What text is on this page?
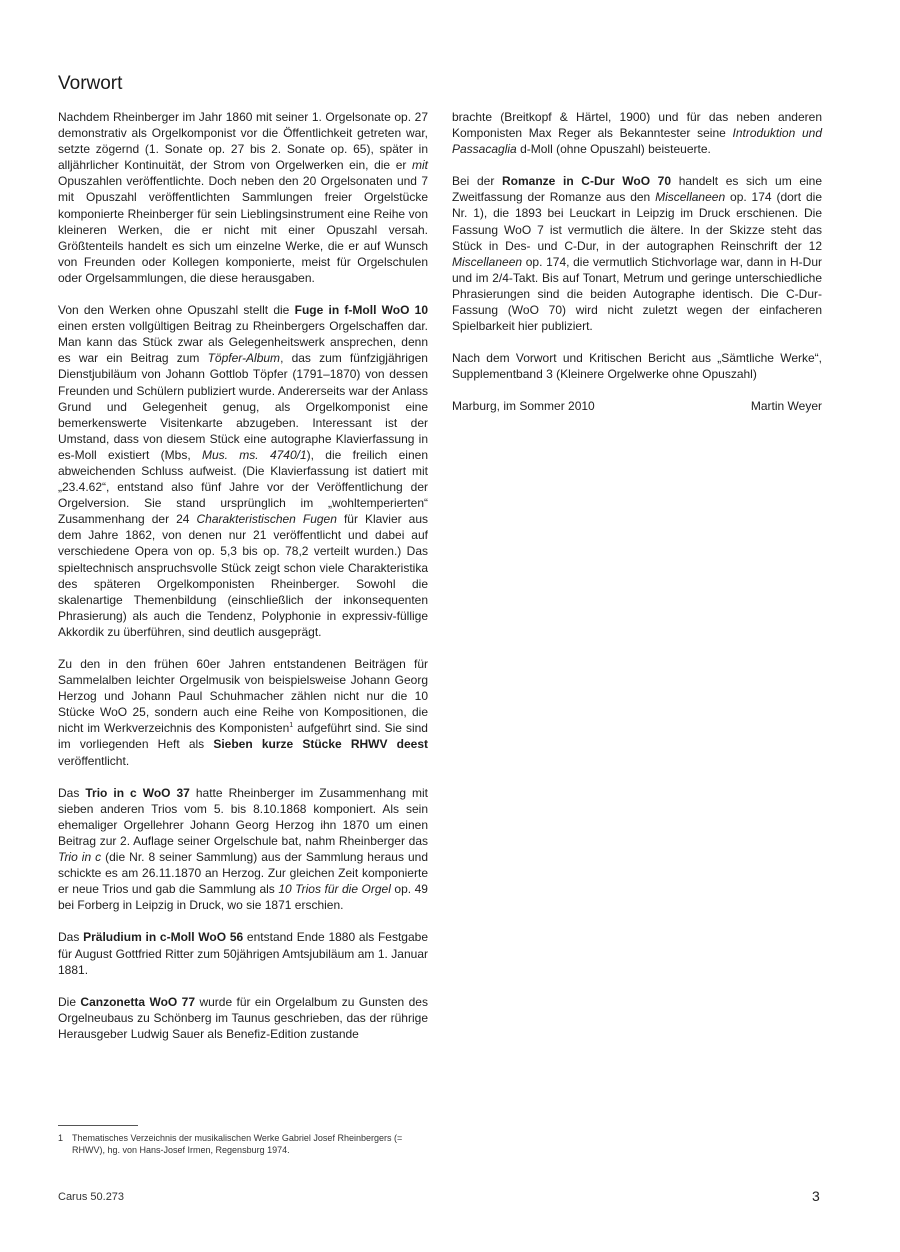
Vorwort

Nachdem Rheinberger im Jahr 1860 mit seiner 1. Orgelsonate op. 27 demonstrativ als Orgelkomponist vor die Öffentlichkeit getreten war, setzte zögernd (1. Sonate op. 27 bis 2. Sonate op. 65), später in alljährlicher Kontinuität, der Strom von Orgelwerken ein, die er mit Opuszahlen veröffentlichte. Doch neben den 20 Orgelsonaten und 7 mit Opuszahl veröffentlichten Sammlungen freier Orgelstücke komponierte Rheinberger für sein Lieblingsinstrument eine Reihe von kleineren Werken, die er nicht mit einer Opuszahl versah. Größtenteils handelt es sich um einzelne Werke, die er auf Wunsch von Freunden oder Kollegen komponierte, meist für Orgelschulen oder Orgelsammlungen, die diese herausgaben.

Von den Werken ohne Opuszahl stellt die Fuge in f-Moll WoO 10 einen ersten vollgültigen Beitrag zu Rheinbergers Orgelschaffen dar. Man kann das Stück zwar als Gelegenheitswerk ansprechen, denn es war ein Beitrag zum Töpfer-Album, das zum fünfzigjährigen Dienstjubiläum von Johann Gottlob Töpfer (1791–1870) von dessen Freunden und Schülern publiziert wurde. Andererseits war der Anlass Grund und Gelegenheit genug, als Orgelkomponist eine bemerkenswerte Visitenkarte abzugeben. Interessant ist der Umstand, dass von diesem Stück eine autographe Klavierfassung in es-Moll existiert (Mbs, Mus. ms. 4740/1), die freilich einen abweichenden Schluss aufweist. (Die Klavierfassung ist datiert mit „23.4.62“, entstand also fünf Jahre vor der Veröffentlichung der Orgelversion. Sie stand ursprünglich im „wohltemperierten“ Zusammenhang der 24 Charakteristischen Fugen für Klavier aus dem Jahre 1862, von denen nur 21 veröffentlicht und dabei auf verschiedene Opera von op. 5,3 bis op. 78,2 verteilt wurden.) Das spieltechnisch anspruchsvolle Stück zeigt schon viele Charakteristika des späteren Orgelkomponisten Rheinberger. Sowohl die skalenartige Themenbildung (einschließlich der inkonsequenten Phrasierung) als auch die Tendenz, Polyphonie in expressiv-füllige Akkordik zu überführen, sind deutlich ausgeprägt.

Zu den in den frühen 60er Jahren entstandenen Beiträgen für Sammelalben leichter Orgelmusik von beispielsweise Johann Georg Herzog und Johann Paul Schuhmacher zählen nicht nur die 10 Stücke WoO 25, sondern auch eine Reihe von Kompositionen, die nicht im Werkverzeichnis des Komponisten$^1$ aufgeführt sind. Sie sind im vorliegenden Heft als Sieben kurze Stücke RHWV deest veröffentlicht.

Das Trio in c WoO 37 hatte Rheinberger im Zusammenhang mit sieben anderen Trios vom 5. bis 8.10.1868 komponiert. Als sein ehemaliger Orgellehrer Johann Georg Herzog ihn 1870 um einen Beitrag zur 2. Auflage seiner Orgelschule bat, nahm Rheinberger das Trio in c (die Nr. 8 seiner Sammlung) aus der Sammlung heraus und schickte es am 26.11.1870 an Herzog. Zur gleichen Zeit komponierte er neue Trios und gab die Sammlung als 10 Trios für die Orgel op. 49 bei Forberg in Leipzig in Druck, wo sie 1871 erschien.

Das Präludium in c-Moll WoO 56 entstand Ende 1880 als Festgabe für August Gottfried Ritter zum 50jährigen Amtsjubiläum am 1. Januar 1881.

Die Canzonetta WoO 77 wurde für ein Orgelalbum zu Gunsten des Orgelneubaus zu Schönberg im Taunus geschrieben, das der rührige Herausgeber Ludwig Sauer als Benefiz-Edition zustande

brachte (Breitkopf & Härtel, 1900) und für das neben anderen Komponisten Max Reger als Bekanntester seine Introduktion und Passacaglia d-Moll (ohne Opuszahl) beisteuerte.

Bei der Romanze in C-Dur WoO 70 handelt es sich um eine Zweitfassung der Romanze aus den Miscellaneen op. 174 (dort die Nr. 1), die 1893 bei Leuckart in Leipzig im Druck erschienen. Die Fassung WoO 7 ist vermutlich die ältere. In der Skizze steht das Stück in Des- und C-Dur, in der autographen Reinschrift der 12 Miscellaneen op. 174, die vermutlich Stichvorlage war, dann in H-Dur und im 2/4-Takt. Bis auf Tonart, Metrum und geringe unterschiedliche Phrasierungen sind die beiden Autographe identisch. Die C-Dur-Fassung (WoO 70) wird nicht zuletzt wegen der einfacheren Spielbarkeit hier publiziert.

Nach dem Vorwort und Kritischen Bericht aus „Sämtliche Werke“, Supplementband 3 (Kleinere Orgelwerke ohne Opuszahl)

Marburg, im Sommer 2010	Martin Weyer
1 Thematisches Verzeichnis der musikalischen Werke Gabriel Josef Rheinbergers (= RHWV), hg. von Hans-Josef Irmen, Regensburg 1974.
Carus 50.273	3
